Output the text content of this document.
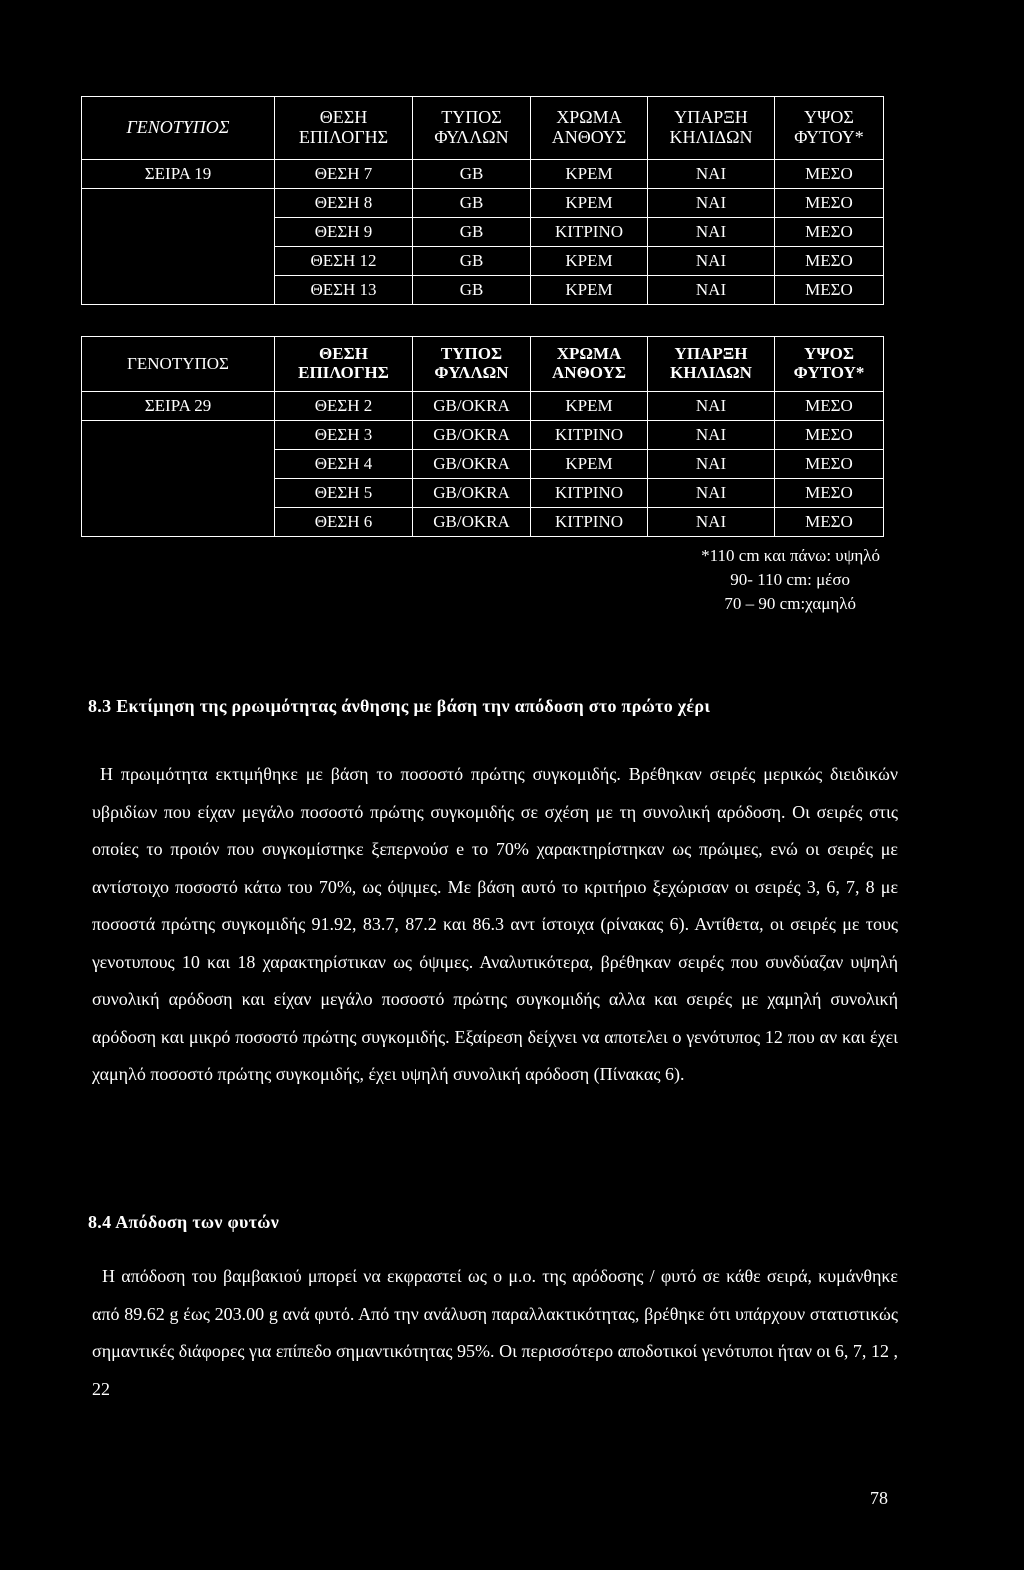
ΓΕΝΟΤΥΠΟΣ	ΘΕΣΗ ΕΠΙΛΟΓΗΣ	ΤΥΠΟΣ ΦΥΛΛΩΝ	ΧΡΩΜΑ ΑΝΘΟΥΣ	ΥΠΑΡΞΗ ΚΗΛΙΔΩΝ	ΥΨΟΣ ΦΥΤΟΥ*
ΣΕΙΡΑ 19	ΘΕΣΗ 7	GB	ΚΡΕΜ	ΝΑΙ	ΜΕΣΟ
	ΘΕΣΗ 8	GB	ΚΡΕΜ	ΝΑΙ	ΜΕΣΟ
	ΘΕΣΗ 9	GB	ΚΙΤΡΙΝΟ	ΝΑΙ	ΜΕΣΟ
	ΘΕΣΗ 12	GB	ΚΡΕΜ	ΝΑΙ	ΜΕΣΟ
	ΘΕΣΗ 13	GB	ΚΡΕΜ	ΝΑΙ	ΜΕΣΟ
ΓΕΝΟΤΥΠΟΣ	ΘΕΣΗ ΕΠΙΛΟΓΗΣ	ΤΥΠΟΣ ΦΥΛΛΩΝ	ΧΡΩΜΑ ΑΝΘΟΥΣ	ΥΠΑΡΞΗ ΚΗΛΙΔΩΝ	ΥΨΟΣ ΦΥΤΟΥ*
ΣΕΙΡΑ 29	ΘΕΣΗ 2	GB/OKRA	ΚΡΕΜ	ΝΑΙ	ΜΕΣΟ
	ΘΕΣΗ 3	GB/OKRA	ΚΙΤΡΙΝΟ	ΝΑΙ	ΜΕΣΟ
	ΘΕΣΗ 4	GB/OKRA	ΚΡΕΜ	ΝΑΙ	ΜΕΣΟ
	ΘΕΣΗ 5	GB/OKRA	ΚΙΤΡΙΝΟ	ΝΑΙ	ΜΕΣΟ
	ΘΕΣΗ 6	GB/OKRA	ΚΙΤΡΙΝΟ	ΝΑΙ	ΜΕΣΟ
*110 cm και πάνω: υψηλό
90- 110 cm: μέσο
70 – 90 cm:χαμηλό
8.3 Εκτίμηση της ρρωιμότητας άνθησης με βάση την απόδοση στο πρώτο χέρι

Η πρωιμότητα εκτιμήθηκε με βάση το ποσοστό πρώτης συγκομιδής. Βρέθηκαν σειρές μερικώς διειδικών υβριδίων που είχαν μεγάλο ποσοστό πρώτης συγκομιδής σε σχέση με τη συνολική αρόδοση. Οι σειρές στις οποίες το προιόν που συγκομίστηκε ξεπερνούσ e το 70% χαρακτηρίστηκαν ως πρώιμες, ενώ οι σειρές με αντίστοιχο ποσοστό κάτω του 70%, ως όψιμες. Με βάση αυτό το κριτήριο ξεχώρισαν οι σειρές 3, 6, 7, 8 με ποσοστά πρώτης συγκομιδής 91.92, 83.7, 87.2 και 86.3 αντ ίστοιχα (ρίνακας 6). Αντίθετα, οι σειρές με τους γενοτυπους 10 και 18 χαρακτηρίστικαν ως όψιμες. Αναλυτικότερα, βρέθηκαν σειρές που συνδύαζαν υψηλή συνολική αρόδοση και είχαν μεγάλο ποσοστό πρώτης συγκομιδής αλλα και σειρές με χαμηλή συνολική αρόδοση και μικρό ποσοστό πρώτης συγκομιδής. Εξαίρεση δείχνει να αποτελει ο γενότυπος 12 που αν και έχει χαμηλό ποσοστό πρώτης συγκομιδής, έχει υψηλή συνολική αρόδοση (Πίνακας 6).

8.4 Απόδοση των φυτών

Η απόδοση του βαμβακιού μπορεί να εκφραστεί ως ο μ.ο. της αρόδοσης / φυτό σε κάθε σειρά, κυμάνθηκε από 89.62 g έως 203.00 g ανά φυτό. Από την ανάλυση παραλλακτικότητας, βρέθηκε ότι υπάρχουν στατιστικώς σημαντικές διάφορες για επίπεδο σημαντικότητας 95%. Οι περισσότερο αποδοτικοί γενότυποι ήταν οι 6, 7, 12 , 22

78
